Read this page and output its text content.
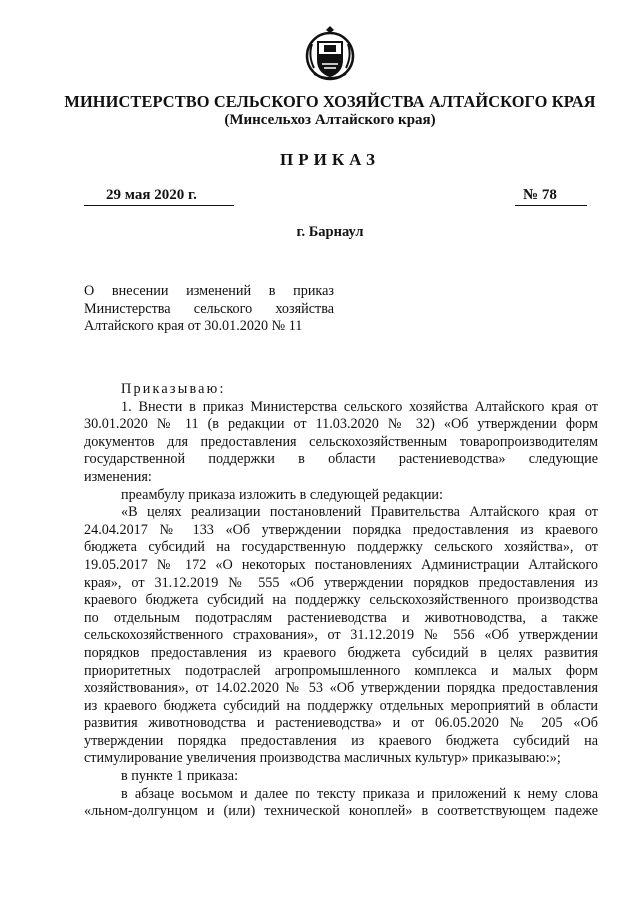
МИНИСТЕРСТВО СЕЛЬСКОГО ХОЗЯЙСТВА АЛТАЙСКОГО КРАЯ
(Минсельхоз Алтайского края)
ПРИКАЗ
29 мая 2020 г.	№ 78
г. Барнаул
О внесении изменений в приказ
Министерства сельского хозяйства
Алтайского края от 30.01.2020 № 11
Приказываю:
1. Внести в приказ Министерства сельского хозяйства Алтайского края от
30.01.2020 № 11 (в редакции от 11.03.2020 № 32) «Об утверждении форм
документов для предоставления сельскохозяйственным товаропроизводителям
государственной поддержки в области растениеводства» следующие
изменения:
преамбулу приказа изложить в следующей редакции:
«В целях реализации постановлений Правительства Алтайского края от
24.04.2017 № 133 «Об утверждении порядка предоставления из краевого
бюджета субсидий на государственную поддержку сельского хозяйства», от
19.05.2017 № 172 «О некоторых постановлениях Администрации Алтайского
края», от 31.12.2019 № 555 «Об утверждении порядков предоставления из
краевого бюджета субсидий на поддержку сельскохозяйственного производства
по отдельным подотраслям растениеводства и животноводства, а также
сельскохозяйственного страхования», от 31.12.2019 № 556 «Об утверждении
порядков предоставления из краевого бюджета субсидий в целях развития
приоритетных подотраслей агропромышленного комплекса и малых форм
хозяйствования», от 14.02.2020 № 53 «Об утверждении порядка предоставления
из краевого бюджета субсидий на поддержку отдельных мероприятий в области
развития животноводства и растениеводства» и от 06.05.2020 № 205 «Об
утверждении порядка предоставления из краевого бюджета субсидий на
стимулирование увеличения производства масличных культур» приказываю:»;
в пункте 1 приказа:
в абзаце восьмом и далее по тексту приказа и приложений к нему слова
«льном-долгунцом и (или) технической коноплей» в соответствующем падеже
